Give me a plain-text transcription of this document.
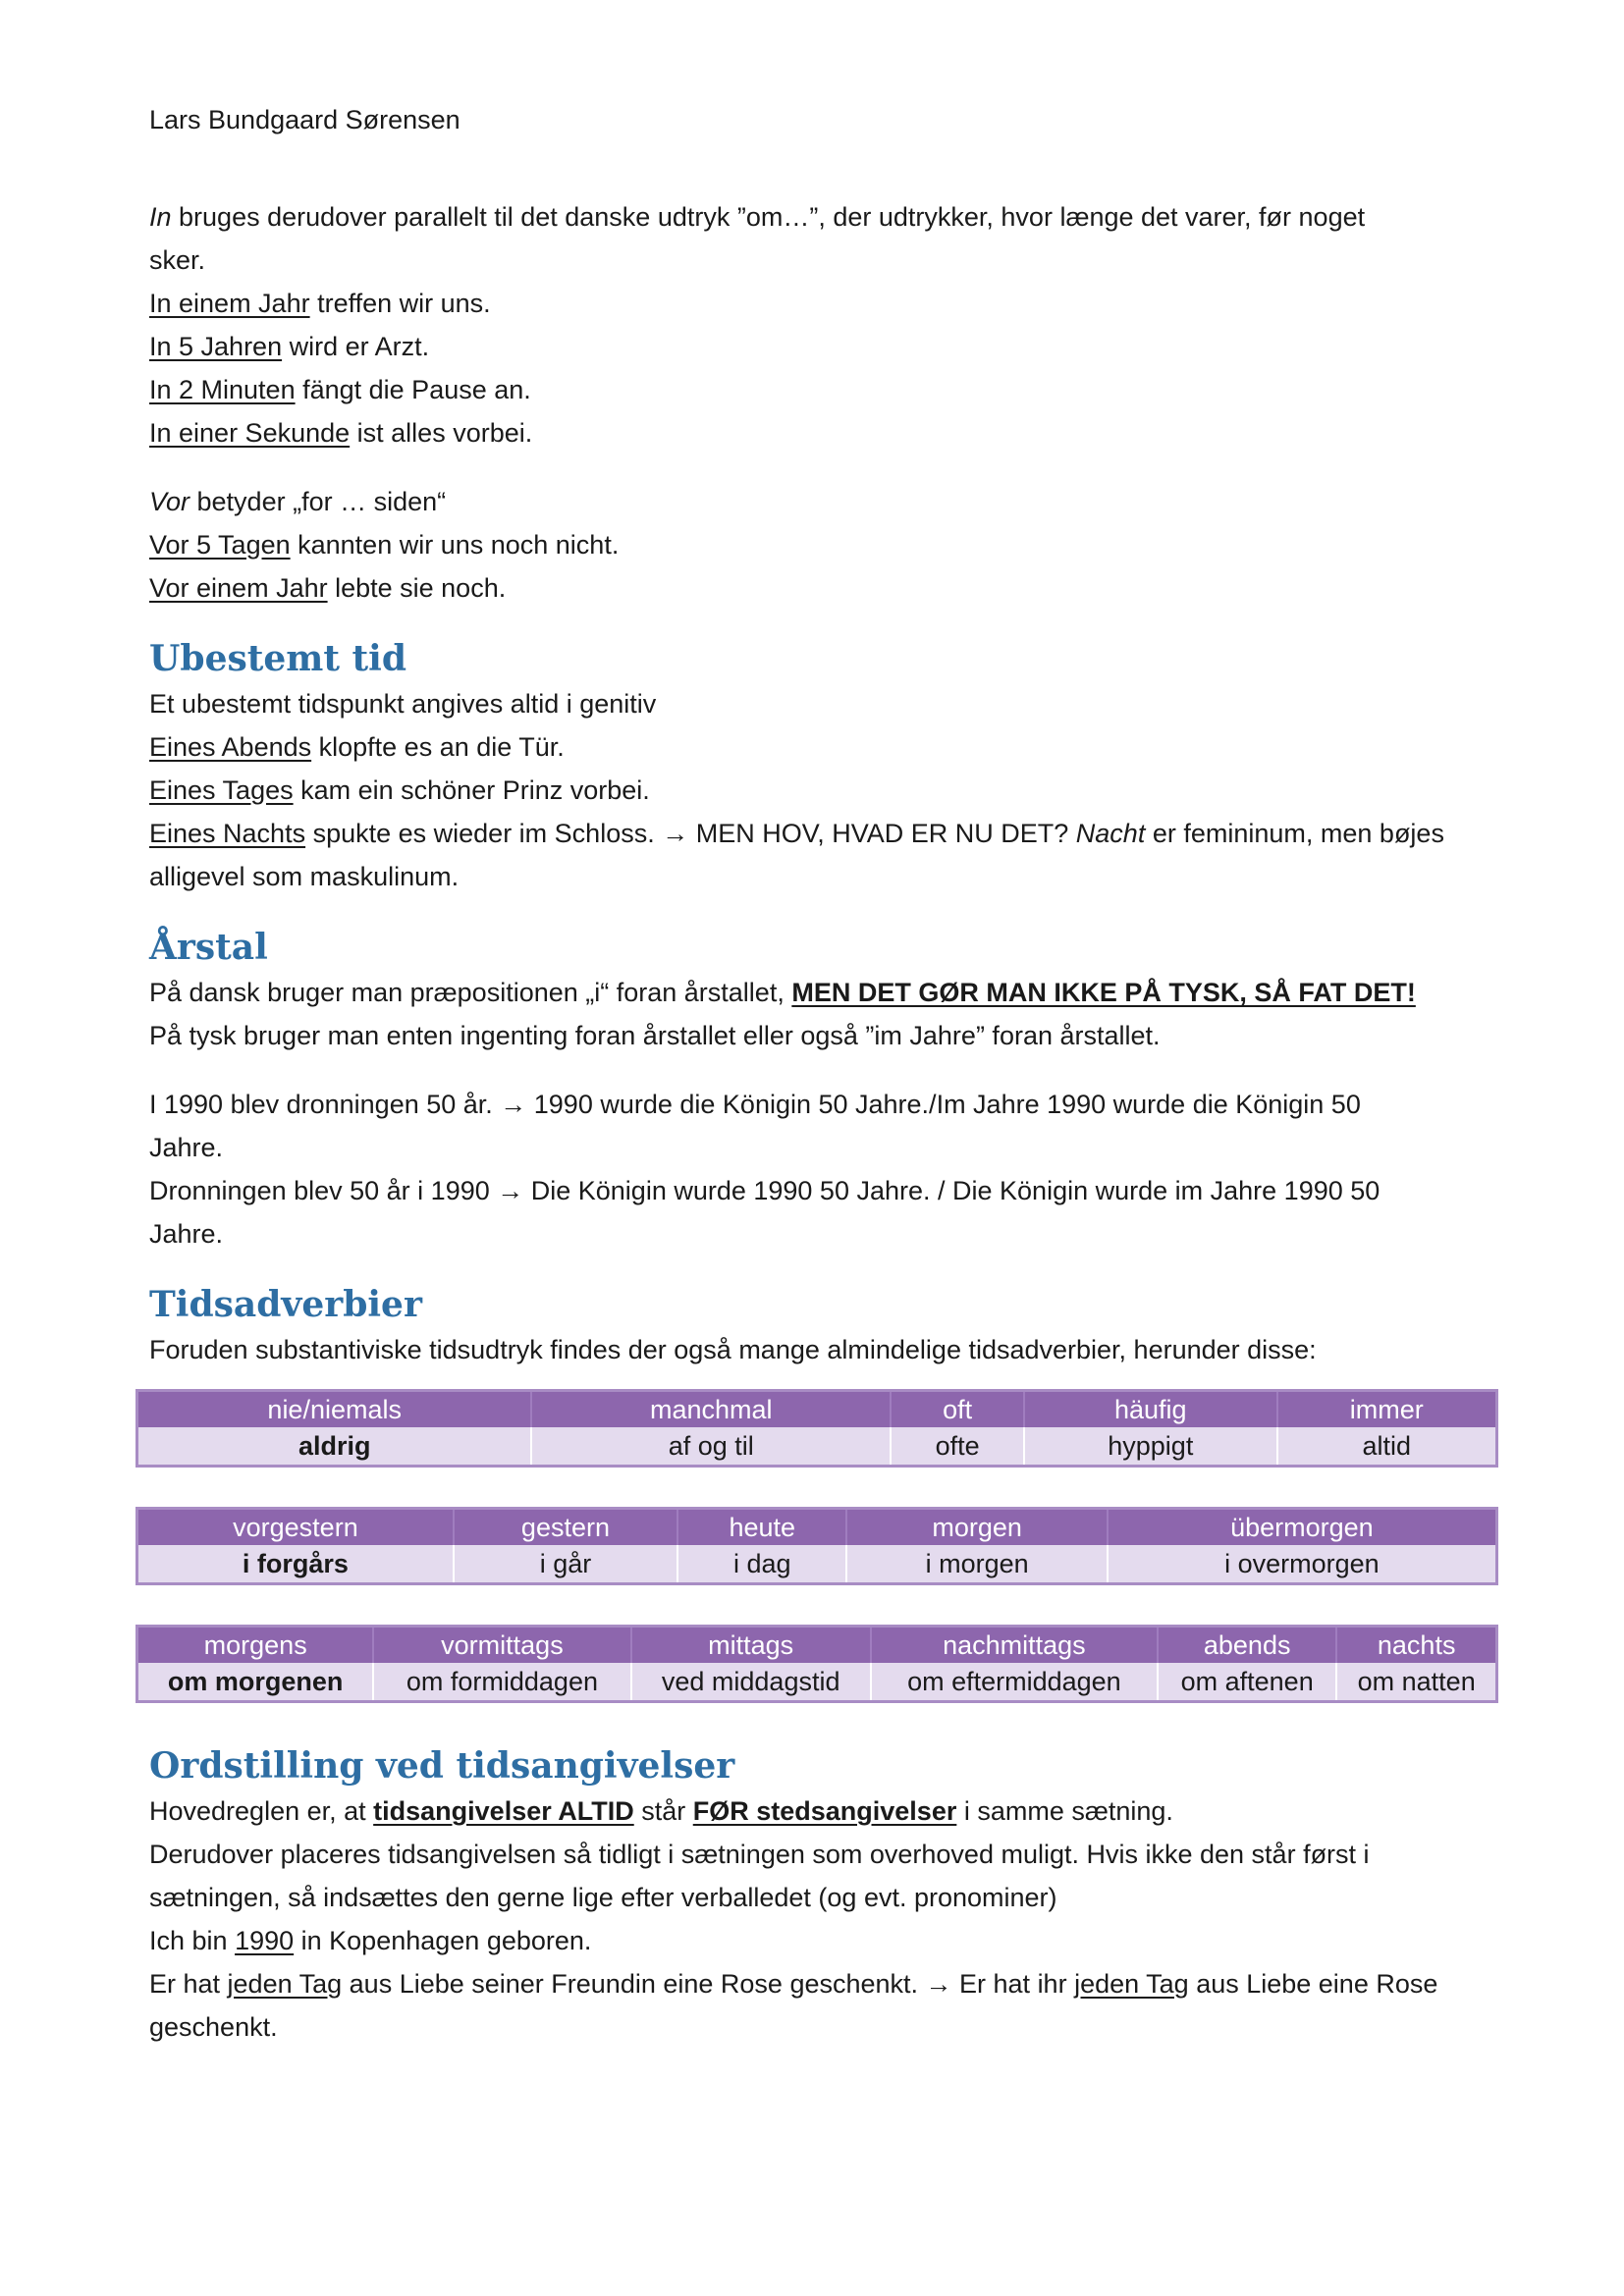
Lars Bundgaard Sørensen

In bruges derudover parallelt til det danske udtryk ”om…”, der udtrykker, hvor længe det varer, før noget

sker.

In einem Jahr treffen wir uns.

In 5 Jahren wird er Arzt.

In 2 Minuten fängt die Pause an.

In einer Sekunde ist alles vorbei.

Vor betyder „for … siden“

Vor 5 Tagen kannten wir uns noch nicht.

Vor einem Jahr lebte sie noch.

Ubestemt tid

Et ubestemt tidspunkt angives altid i genitiv

Eines Abends klopfte es an die Tür.

Eines Tages kam ein schöner Prinz vorbei.

Eines Nachts spukte es wieder im Schloss. → MEN HOV, HVAD ER NU DET? Nacht er femininum, men bøjes

alligevel som maskulinum.

Årstal

På dansk bruger man præpositionen „i“ foran årstallet, MEN DET GØR MAN IKKE PÅ TYSK, SÅ FAT DET!

På tysk bruger man enten ingenting foran årstallet eller også ”im Jahre” foran årstallet.

I 1990 blev dronningen 50 år. → 1990 wurde die Königin 50 Jahre./Im Jahre 1990 wurde die Königin 50

Jahre.

Dronningen blev 50 år i 1990 → Die Königin wurde 1990 50 Jahre. / Die Königin wurde im Jahre 1990 50

Jahre.

Tidsadverbier

Foruden substantiviske tidsudtryk findes der også mange almindelige tidsadverbier, herunder disse:

nie/niemals	manchmal	oft	häufig	immer
aldrig	af og til	ofte	hyppigt	altid
vorgestern	gestern	heute	morgen	übermorgen
i forgårs	i går	i dag	i morgen	i overmorgen
morgens	vormittags	mittags	nachmittags	abends	nachts
om morgenen	om formiddagen	ved middagstid	om eftermiddagen	om aftenen	om natten
Ordstilling ved tidsangivelser

Hovedreglen er, at tidsangivelser ALTID står FØR stedsangivelser i samme sætning.

Derudover placeres tidsangivelsen så tidligt i sætningen som overhoved muligt. Hvis ikke den står først i

sætningen, så indsættes den gerne lige efter verballedet (og evt. pronominer)

Ich bin 1990 in Kopenhagen geboren.

Er hat jeden Tag aus Liebe seiner Freundin eine Rose geschenkt. → Er hat ihr jeden Tag aus Liebe eine Rose

geschenkt.
